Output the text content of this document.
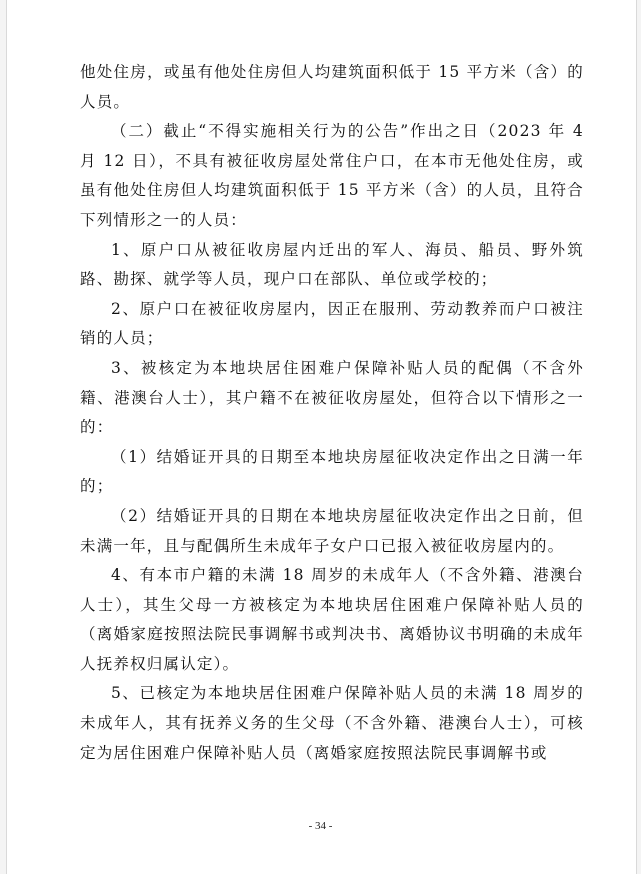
他处住房，或虽有他处住房但人均建筑面积低于 15 平方米（含）的人员。

（二）截止“不得实施相关行为的公告”作出之日（2023 年 4 月 12 日），不具有被征收房屋处常住户口，在本市无他处住房，或虽有他处住房但人均建筑面积低于 15 平方米（含）的人员，且符合下列情形之一的人员：

1、原户口从被征收房屋内迁出的军人、海员、船员、野外筑路、勘探、就学等人员，现户口在部队、单位或学校的；

2、原户口在被征收房屋内，因正在服刑、劳动教养而户口被注销的人员；

3、被核定为本地块居住困难户保障补贴人员的配偶（不含外籍、港澳台人士），其户籍不在被征收房屋处，但符合以下情形之一的：

（1）结婚证开具的日期至本地块房屋征收决定作出之日满一年的；

（2）结婚证开具的日期在本地块房屋征收决定作出之日前，但未满一年，且与配偶所生未成年子女户口已报入被征收房屋内的。

4、有本市户籍的未满 18 周岁的未成年人（不含外籍、港澳台人士），其生父母一方被核定为本地块居住困难户保障补贴人员的（离婚家庭按照法院民事调解书或判决书、离婚协议书明确的未成年人抚养权归属认定）。

5、已核定为本地块居住困难户保障补贴人员的未满 18 周岁的未成年人，其有抚养义务的生父母（不含外籍、港澳台人士），可核定为居住困难户保障补贴人员（离婚家庭按照法院民事调解书或

- 34 -
